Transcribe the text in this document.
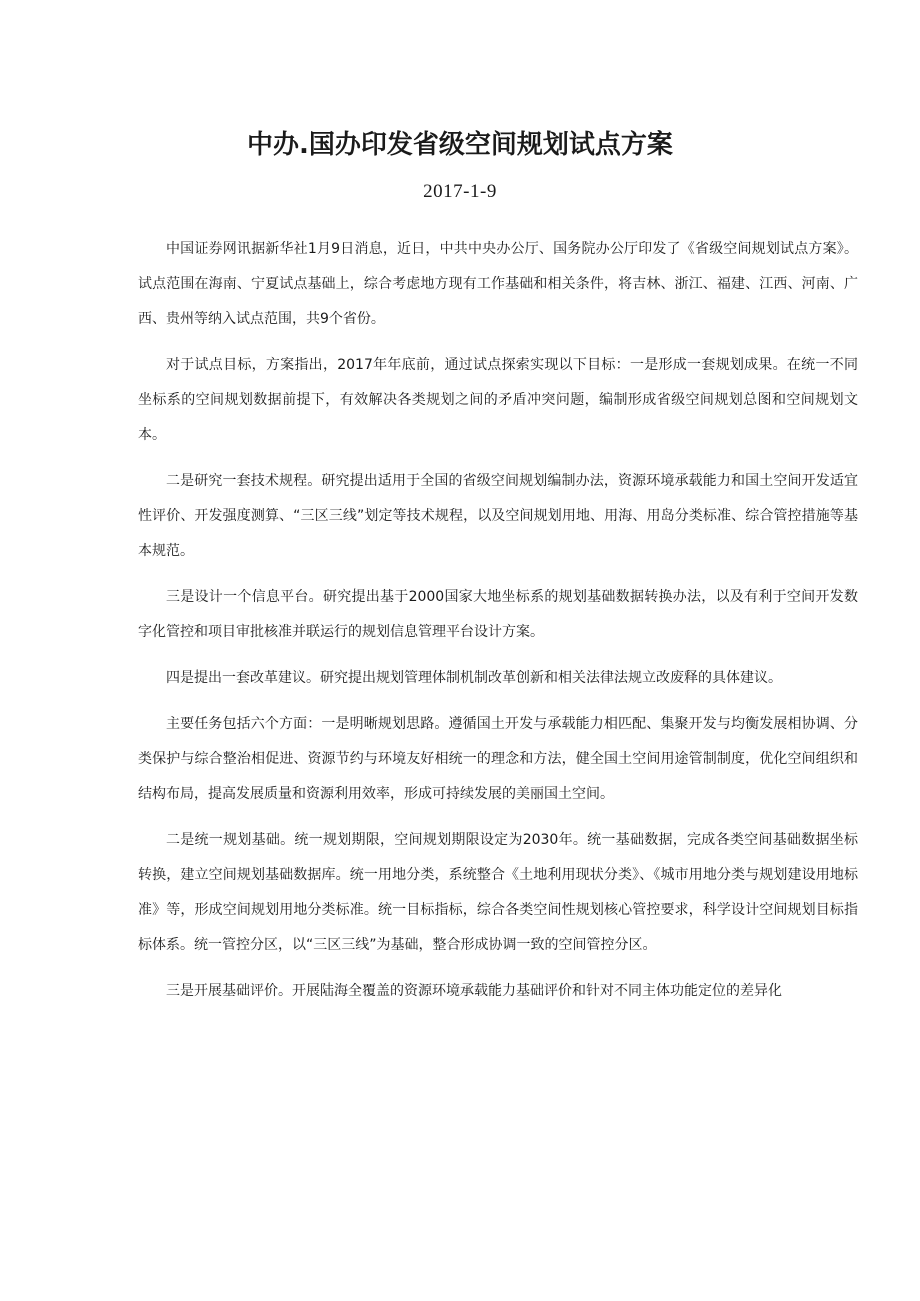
中办.国办印发省级空间规划试点方案
2017-1-9

中国证券网讯据新华社1月9日消息，近日，中共中央办公厅、国务院办公厅印发了《省级空间规划试点方案》。试点范围在海南、宁夏试点基础上，综合考虑地方现有工作基础和相关条件，将吉林、浙江、福建、江西、河南、广西、贵州等纳入试点范围，共9个省份。

对于试点目标，方案指出，2017年年底前，通过试点探索实现以下目标：一是形成一套规划成果。在统一不同坐标系的空间规划数据前提下，有效解决各类规划之间的矛盾冲突问题，编制形成省级空间规划总图和空间规划文本。

二是研究一套技术规程。研究提出适用于全国的省级空间规划编制办法，资源环境承载能力和国土空间开发适宜性评价、开发强度测算、“三区三线”划定等技术规程，以及空间规划用地、用海、用岛分类标准、综合管控措施等基本规范。

三是设计一个信息平台。研究提出基于2000国家大地坐标系的规划基础数据转换办法，以及有利于空间开发数字化管控和项目审批核准并联运行的规划信息管理平台设计方案。

四是提出一套改革建议。研究提出规划管理体制机制改革创新和相关法律法规立改废释的具体建议。

主要任务包括六个方面：一是明晰规划思路。遵循国土开发与承载能力相匹配、集聚开发与均衡发展相协调、分类保护与综合整治相促进、资源节约与环境友好相统一的理念和方法，健全国土空间用途管制制度，优化空间组织和结构布局，提高发展质量和资源利用效率，形成可持续发展的美丽国土空间。

二是统一规划基础。统一规划期限，空间规划期限设定为2030年。统一基础数据，完成各类空间基础数据坐标转换，建立空间规划基础数据库。统一用地分类，系统整合《土地利用现状分类》、《城市用地分类与规划建设用地标准》等，形成空间规划用地分类标准。统一目标指标，综合各类空间性规划核心管控要求，科学设计空间规划目标指标体系。统一管控分区，以“三区三线”为基础，整合形成协调一致的空间管控分区。

三是开展基础评价。开展陆海全覆盖的资源环境承载能力基础评价和针对不同主体功能定位的差异化
